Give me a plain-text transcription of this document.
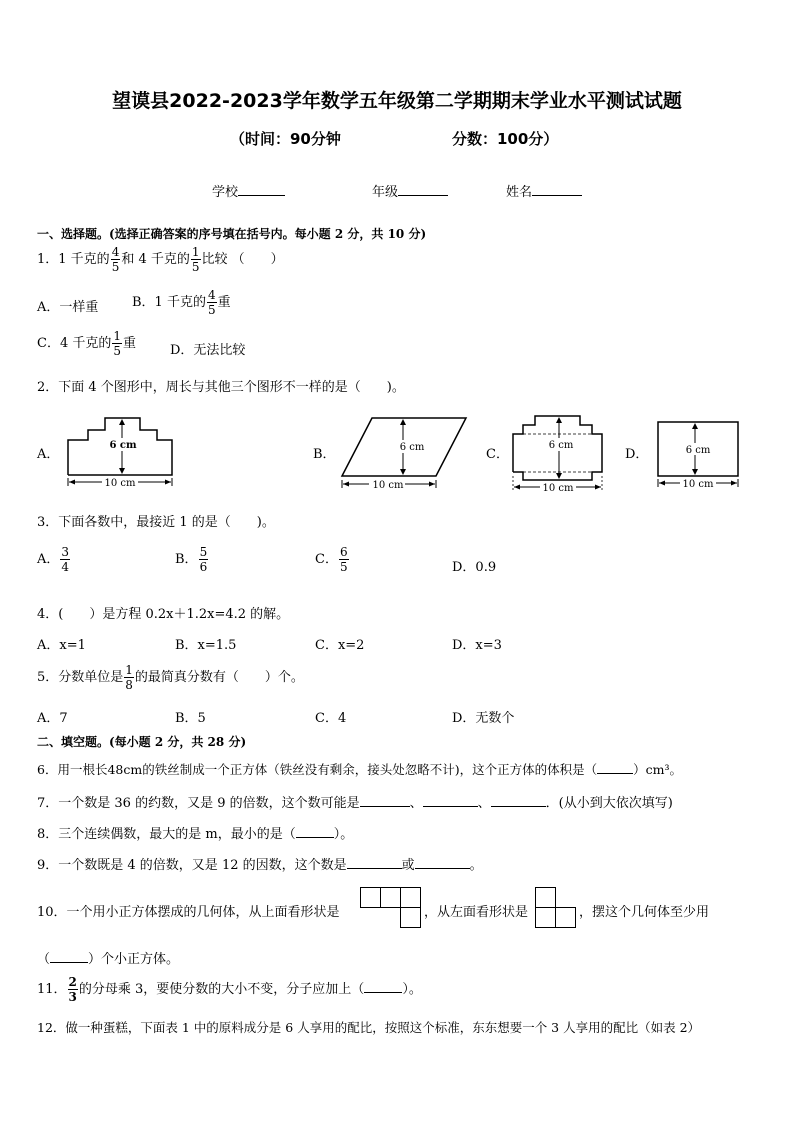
望谟县2022-2023学年数学五年级第二学期期末学业水平测试试题
（时间：90分钟	分数：100分）
学校	年级	姓名
一、选择题。(选择正确答案的序号填在括号内。每小题 2 分，共 10 分)
1．1 千克的 $\frac{4}{5}$ 和 4 千克的 $\frac{1}{5}$ 比较 （　　）
A．一样重	B．1 千克的 $\frac{4}{5}$ 重
C．4 千克的 $\frac{1}{5}$ 重	D．无法比较
2．下面 4 个图形中，周长与其他三个图形不一样的是（　　)。
A．	B．	C．	D．
6 cm
10 cm
6 cm
10 cm
6 cm
10 cm
6 cm
10 cm
3．下面各数中，最接近 1 的是（　　)。
A． $\frac{3}{4}$	B． $\frac{5}{6}$	C． $\frac{6}{5}$	D．0.9
4．(　　）是方程 0.2x＋1.2x=4.2 的解。
A．x=1	B．x=1.5	C．x=2	D．x=3
5．分数单位是 $\frac{1}{8}$ 的最简真分数有（　　）个。
A．7	B．5	C．4	D．无数个
二、填空题。(每小题 2 分，共 28 分)
6．用一根长48cm的铁丝制成一个正方体（铁丝没有剩余，接头处忽略不计)，这个正方体的体积是（	）cm³。
7．一个数是 36 的约数，又是 9 的倍数，这个数可能是	、	、	．(从小到大依次填写)
8．三个连续偶数，最大的是 m，最小的是（	）。
9．一个数既是 4 的倍数，又是 12 的因数，这个数是	或	。
10．一个用小正方体摆成的几何体，从上面看形状是	，从左面看形状是	，摆这个几何体至少用
（	）个小正方体。
11． $\frac{2}{3}$ 的分母乘 3，要使分数的大小不变，分子应加上（	）。
12．做一种蛋糕，下面表 1 中的原料成分是 6 人享用的配比，按照这个标准，东东想要一个 3 人享用的配比（如表 2）
